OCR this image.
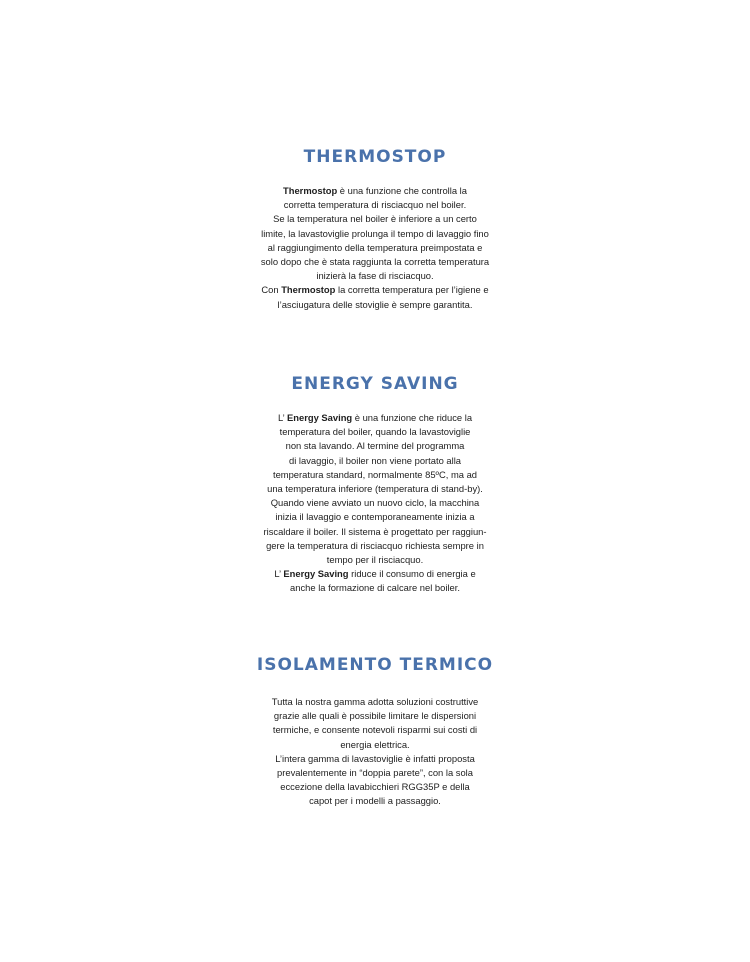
THERMOSTOP
Thermostop è una funzione che controlla la
corretta temperatura di risciacquo nel boiler.
Se la temperatura nel boiler è inferiore a un certo
limite, la lavastoviglie prolunga il tempo di lavaggio fino
al raggiungimento della temperatura preimpostata e
solo dopo che è stata raggiunta la corretta temperatura
inizierà la fase di risciacquo.
Con Thermostop la corretta temperatura per l’igiene e
l’asciugatura delle stoviglie è sempre garantita.
ENERGY SAVING
L’ Energy Saving è una funzione che riduce la
temperatura del boiler, quando la lavastoviglie
non sta lavando. Al termine del programma
di lavaggio, il boiler non viene portato alla
temperatura standard, normalmente 85ºC, ma ad
una temperatura inferiore (temperatura di stand-by).
Quando viene avviato un nuovo ciclo, la macchina
inizia il lavaggio e contemporaneamente inizia a
riscaldare il boiler. Il sistema è progettato per raggiun-
gere la temperatura di risciacquo richiesta sempre in
tempo per il risciacquo.
L’ Energy Saving riduce il consumo di energia e
anche la formazione di calcare nel boiler.
ISOLAMENTO TERMICO
Tutta la nostra gamma adotta soluzioni costruttive
grazie alle quali è possibile limitare le dispersioni
termiche, e consente notevoli risparmi sui costi di
energia elettrica.
L’intera gamma di lavastoviglie è infatti proposta
prevalentemente in “doppia parete”, con la sola
eccezione della lavabicchieri RGG35P e della
capot per i modelli a passaggio.
